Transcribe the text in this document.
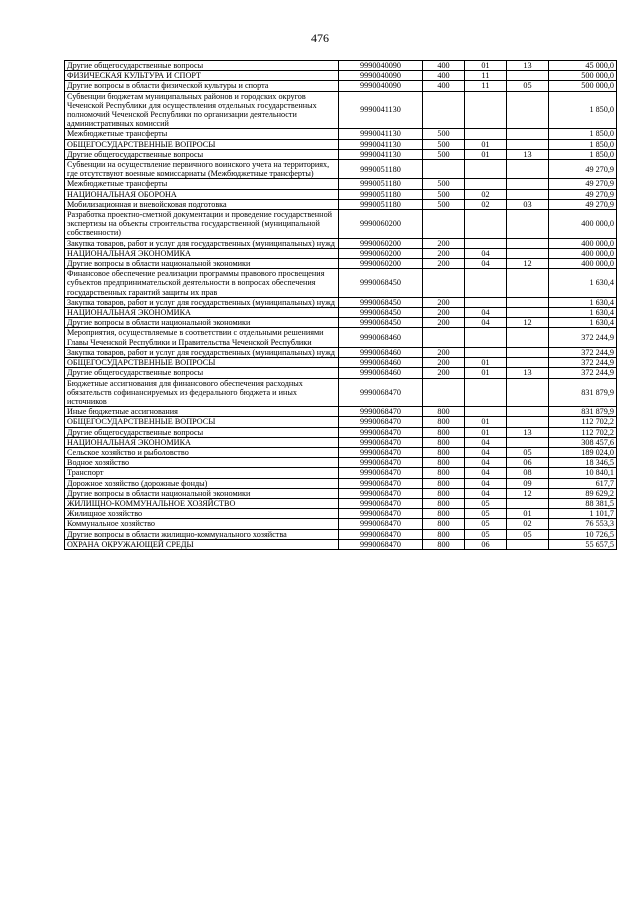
476
Другие общегосударственные вопросы	9990040090	400	01	13	45 000,0
ФИЗИЧЕСКАЯ КУЛЬТУРА И СПОРТ	9990040090	400	11		500 000,0
Другие вопросы в области физической культуры и спорта	9990040090	400	11	05	500 000,0
Субвенции бюджетам муниципальных районов и городских округов Чеченской Республики для осуществления отдельных государственных полномочий Чеченской Республики по организации деятельности административных комиссий	9990041130				1 850,0
Межбюджетные трансферты	9990041130	500			1 850,0
ОБЩЕГОСУДАРСТВЕННЫЕ ВОПРОСЫ	9990041130	500	01		1 850,0
Другие общегосударственные вопросы	9990041130	500	01	13	1 850,0
Субвенции на осуществление первичного воинского учета на территориях, где отсутствуют военные комиссариаты (Межбюджетные трансферты)	9990051180				49 270,9
Межбюджетные трансферты	9990051180	500			49 270,9
НАЦИОНАЛЬНАЯ ОБОРОНА	9990051180	500	02		49 270,9
Мобилизационная и вневойсковая подготовка	9990051180	500	02	03	49 270,9
Разработка проектно-сметной документации и проведение государственной экспертизы на объекты строительства государственной (муниципальной собственности)	9990060200				400 000,0
Закупка товаров, работ и услуг для государственных (муниципальных) нужд	9990060200	200			400 000,0
НАЦИОНАЛЬНАЯ ЭКОНОМИКА	9990060200	200	04		400 000,0
Другие вопросы в области национальной экономики	9990060200	200	04	12	400 000,0
Финансовое обеспечение реализации программы правового просвещения субъектов предпринимательской деятельности в вопросах обеспечения государственных гарантий защиты их прав	9990068450				1 630,4
Закупка товаров, работ и услуг для государственных (муниципальных) нужд	9990068450	200			1 630,4
НАЦИОНАЛЬНАЯ ЭКОНОМИКА	9990068450	200	04		1 630,4
Другие вопросы в области национальной экономики	9990068450	200	04	12	1 630,4
Мероприятия, осуществляемые в соответствии с отдельными решениями Главы Чеченской Республики и Правительства Чеченской Республики	9990068460				372 244,9
Закупка товаров, работ и услуг для государственных (муниципальных) нужд	9990068460	200			372 244,9
ОБЩЕГОСУДАРСТВЕННЫЕ ВОПРОСЫ	9990068460	200	01		372 244,9
Другие общегосударственные вопросы	9990068460	200	01	13	372 244,9
Бюджетные ассигнования для финансового обеспечения расходных обязательств софинансируемых из федерального бюджета и иных источников	9990068470				831 879,9
Иные бюджетные ассигнования	9990068470	800			831 879,9
ОБЩЕГОСУДАРСТВЕННЫЕ ВОПРОСЫ	9990068470	800	01		112 702,2
Другие общегосударственные вопросы	9990068470	800	01	13	112 702,2
НАЦИОНАЛЬНАЯ ЭКОНОМИКА	9990068470	800	04		308 457,6
Сельское хозяйство и рыболовство	9990068470	800	04	05	189 024,0
Водное хозяйство	9990068470	800	04	06	18 346,5
Транспорт	9990068470	800	04	08	10 840,1
Дорожное хозяйство (дорожные фонды)	9990068470	800	04	09	617,7
Другие вопросы в области национальной экономики	9990068470	800	04	12	89 629,2
ЖИЛИЩНО-КОММУНАЛЬНОЕ ХОЗЯЙСТВО	9990068470	800	05		88 381,5
Жилищное хозяйство	9990068470	800	05	01	1 101,7
Коммунальное хозяйство	9990068470	800	05	02	76 553,3
Другие вопросы в области жилищно-коммунального хозяйства	9990068470	800	05	05	10 726,5
ОХРАНА ОКРУЖАЮЩЕЙ СРЕДЫ	9990068470	800	06		55 657,5
